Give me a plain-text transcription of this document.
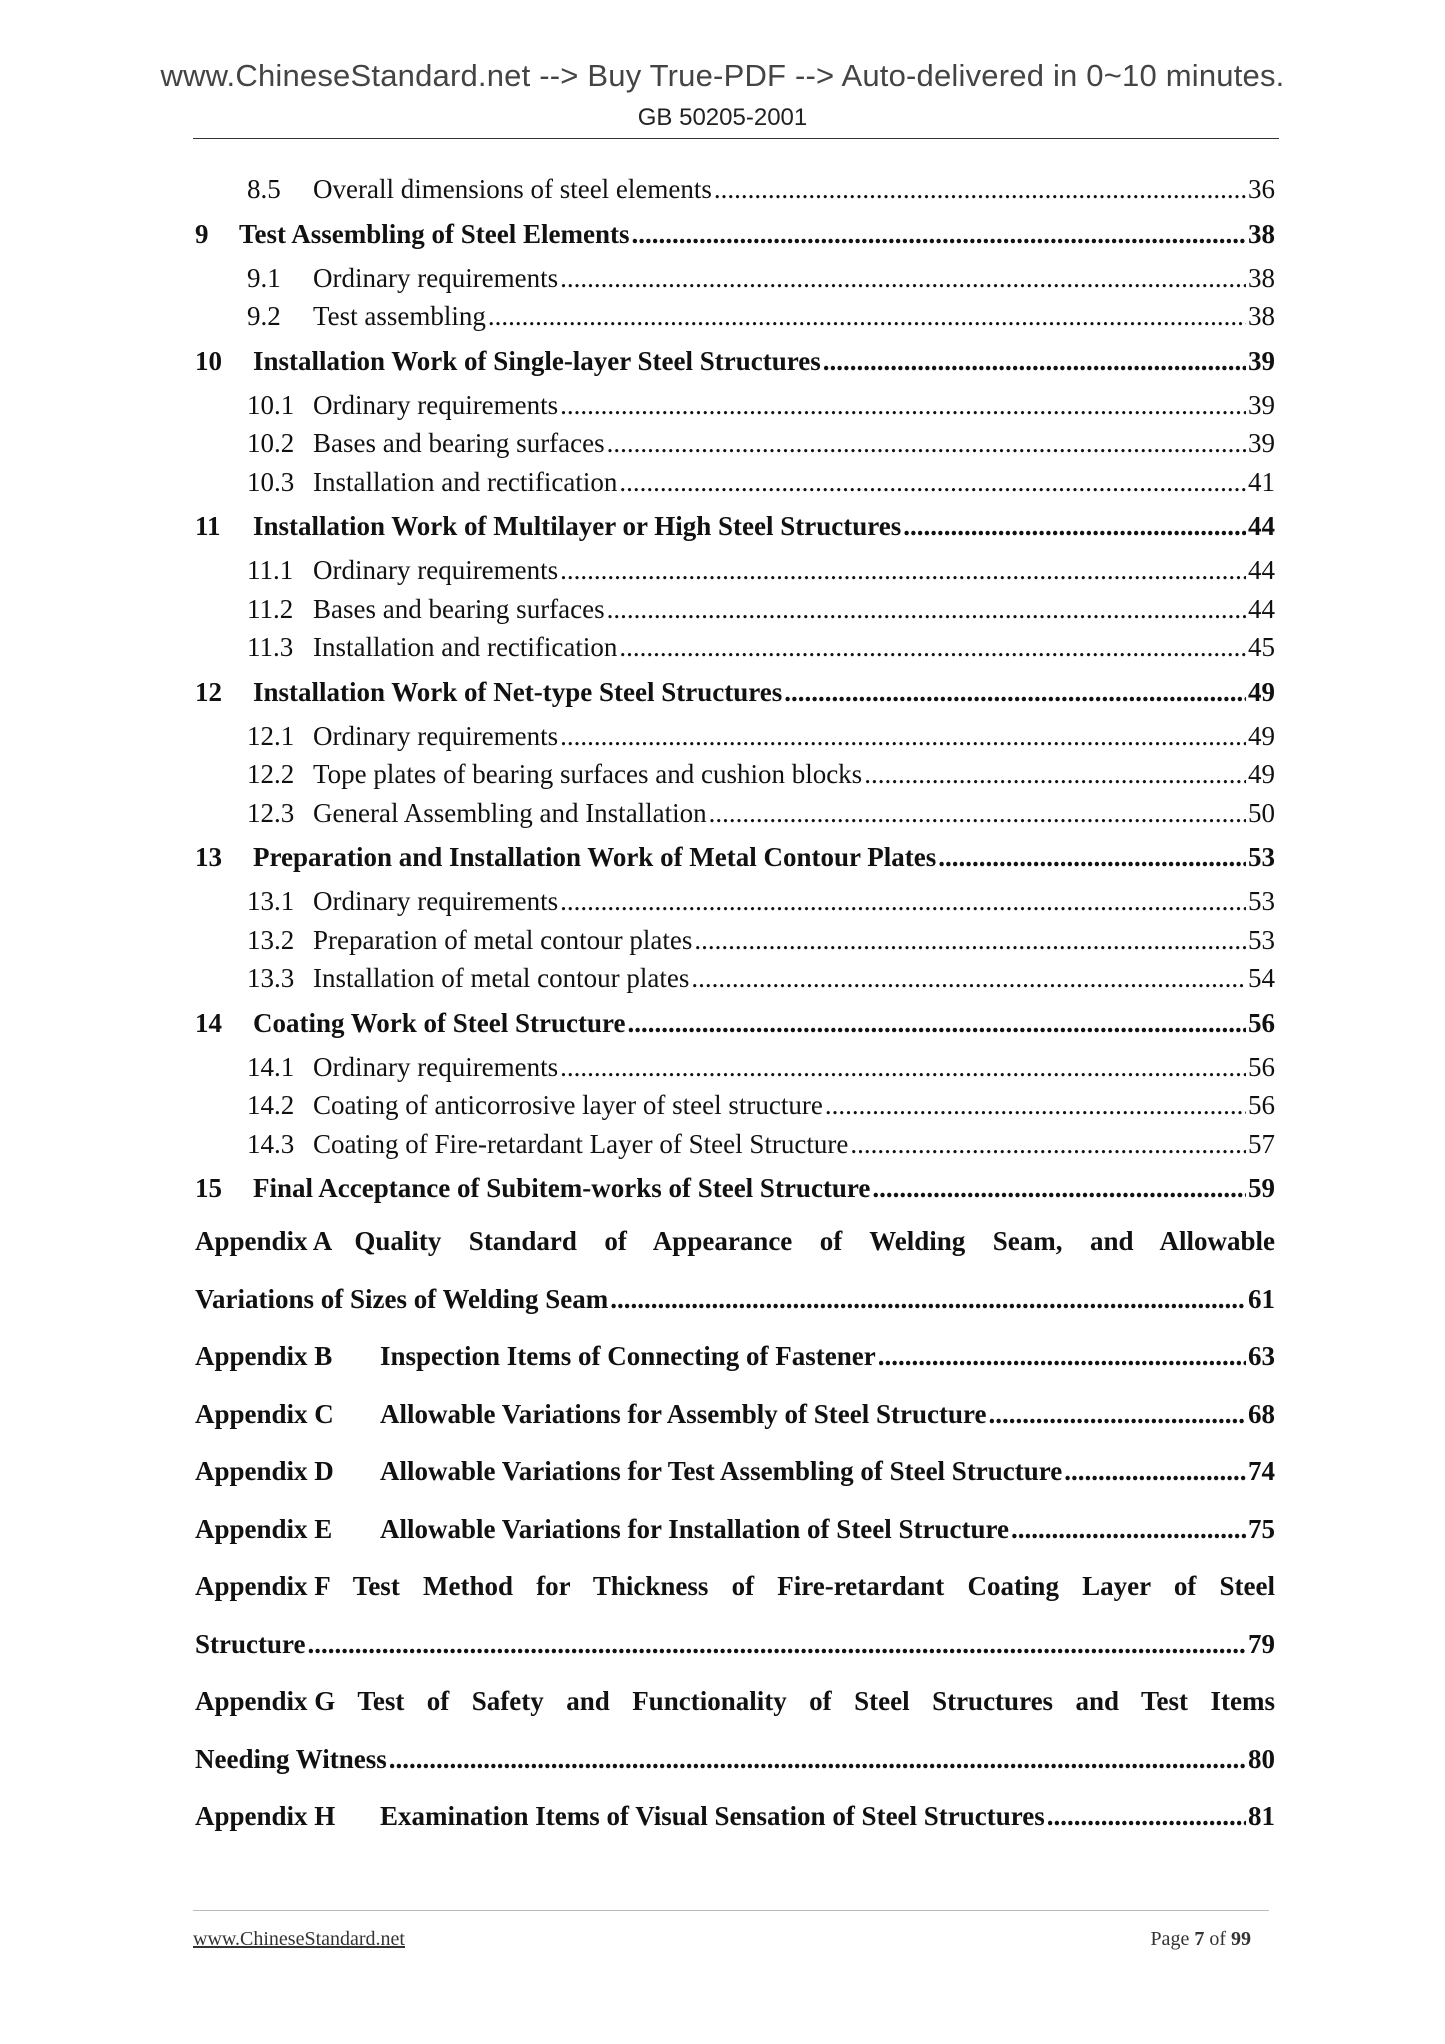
www.ChineseStandard.net --> Buy True-PDF --> Auto-delivered in 0~10 minutes.
GB 50205-2001
8.5	Overall dimensions of steel elements .....	36
9	Test Assembling of Steel Elements .....	38
9.1	Ordinary requirements .....	38
9.2	Test assembling .....	38
10	Installation Work of Single-layer Steel Structures .....	39
10.1 Ordinary requirements .....	39
10.2 Bases and bearing surfaces .....	39
10.3 Installation and rectification .....	41
11	Installation Work of Multilayer or High Steel Structures .....	44
11.1 Ordinary requirements .....	44
11.2 Bases and bearing surfaces .....	44
11.3 Installation and rectification .....	45
12	Installation Work of Net-type Steel Structures .....	49
12.1 Ordinary requirements .....	49
12.2 Tope plates of bearing surfaces and cushion blocks .....	49
12.3 General Assembling and Installation .....	50
13	Preparation and Installation Work of Metal Contour Plates .....	53
13.1 Ordinary requirements .....	53
13.2 Preparation of metal contour plates .....	53
13.3 Installation of metal contour plates .....	54
14	Coating Work of Steel Structure .....	56
14.1 Ordinary requirements .....	56
14.2 Coating of anticorrosive layer of steel structure .....	56
14.3 Coating of Fire-retardant Layer of Steel Structure .....	57
15	Final Acceptance of Subitem-works of Steel Structure .....	59
Appendix A Quality Standard of Appearance of Welding Seam, and Allowable
Variations of Sizes of Welding Seam .....	61
Appendix B	Inspection Items of Connecting of Fastener .....	63
Appendix C	Allowable Variations for Assembly of Steel Structure .....	68
Appendix D	Allowable Variations for Test Assembling of Steel Structure .....	74
Appendix E	Allowable Variations for Installation of Steel Structure .....	75
Appendix F Test Method for Thickness of Fire-retardant Coating Layer of Steel
Structure .....	79
Appendix G Test of Safety and Functionality of Steel Structures and Test Items
Needing Witness .....	80
Appendix H	Examination Items of Visual Sensation of Steel Structures .....	81
www.ChineseStandard.net	Page 7 of 99
